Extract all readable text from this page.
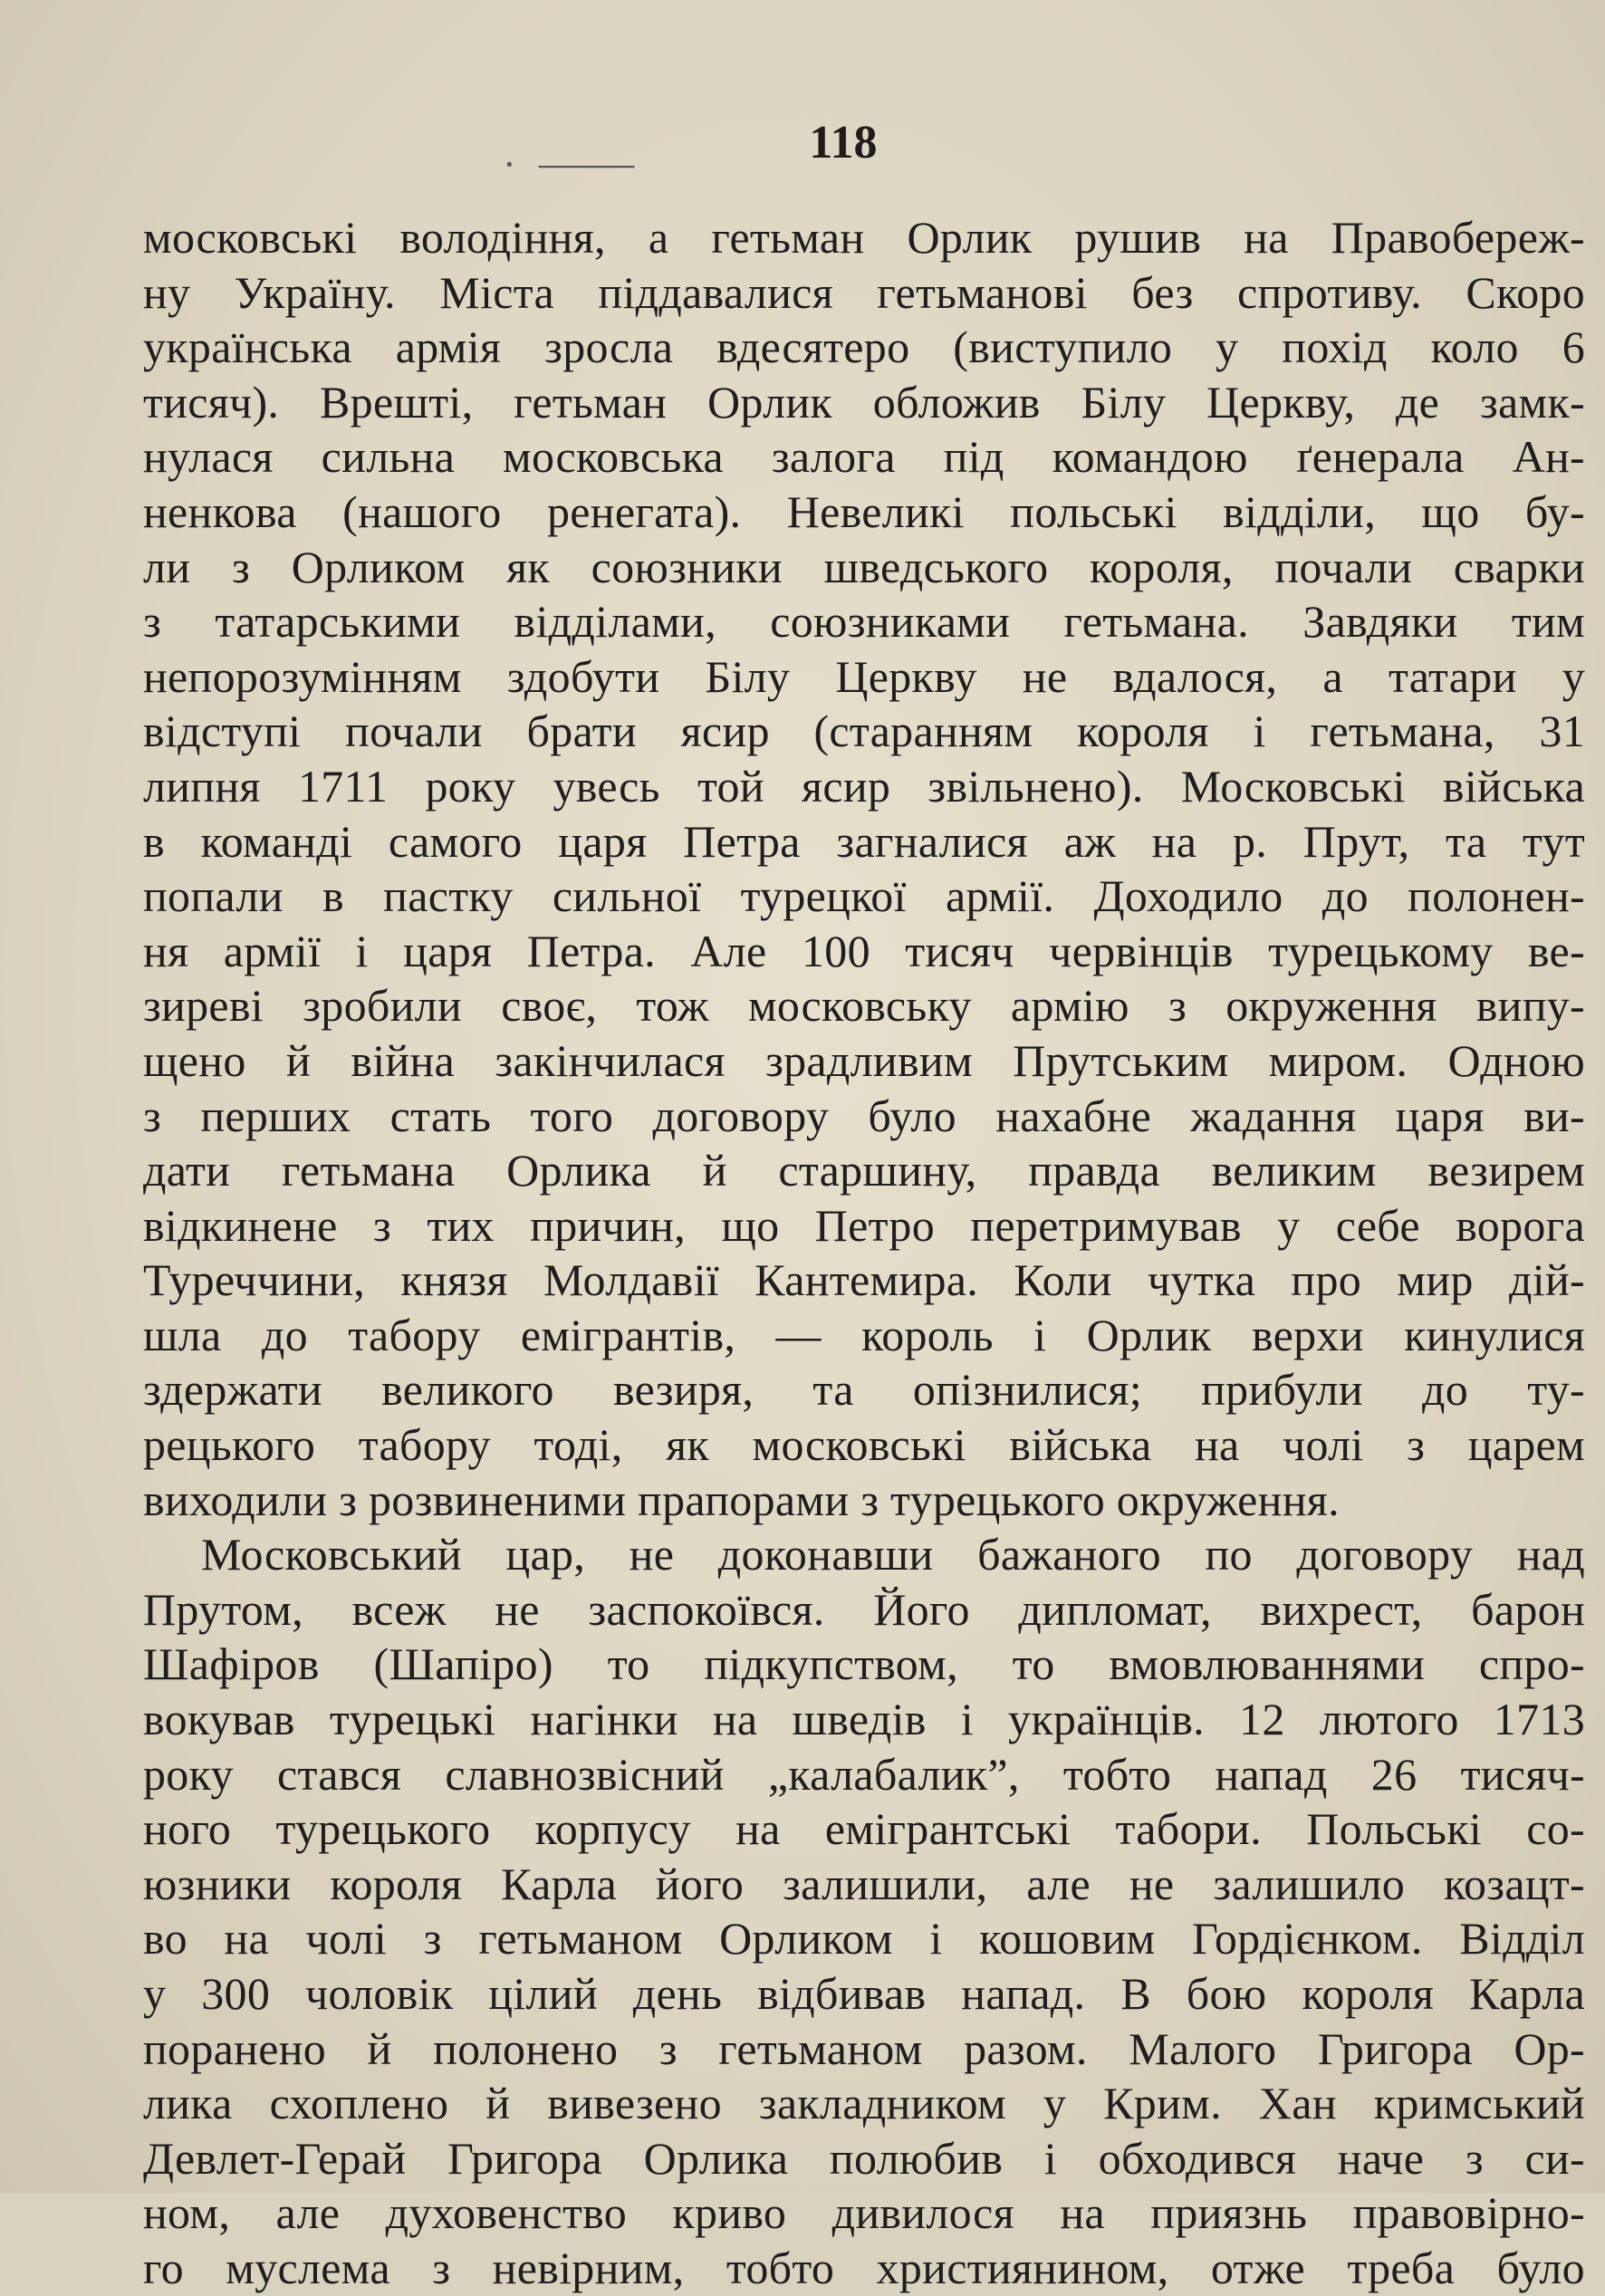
· ⸻	118
московські володіння, а гетьман Орлик рушив на Правобереж-
ну Україну. Міста піддавалися гетьманові без спротиву. Скоро
українська армія зросла вдесятеро (виступило у похід коло 6
тисяч). Врешті, гетьман Орлик обложив Білу Церкву, де замк-
нулася сильна московська залога під командою ґенерала Ан-
ненкова (нашого ренегата). Невеликі польські відділи, що бу-
ли з Орликом як союзники шведського короля, почали сварки
з татарськими відділами, союзниками гетьмана. Завдяки тим
непорозумінням здобути Білу Церкву не вдалося, а татари у
відступі почали брати ясир (старанням короля і гетьмана, 31
липня 1711 року увесь той ясир звільнено). Московські війська
в команді самого царя Петра загналися аж на р. Прут, та тут
попали в пастку сильної турецкої армії. Доходило до полонен-
ня армії і царя Петра. Але 100 тисяч червінців турецькому ве-
зиреві зробили своє, тож московську армію з окруження випу-
щено й війна закінчилася зрадливим Прутським миром. Одною
з перших стать того договору було нахабне жадання царя ви-
дати гетьмана Орлика й старшину, правда великим везирем
відкинене з тих причин, що Петро перетримував у себе ворога
Туреччини, князя Молдавії Кантемира. Коли чутка про мир дій-
шла до табору емігрантів, — король і Орлик верхи кинулися
здержати великого везиря, та опізнилися; прибули до ту-
рецького табору тоді, як московські війська на чолі з царем
виходили з розвиненими прапорами з турецького окруження.
Московський цар, не доконавши бажаного по договору над
Прутом, всеж не заспокоївся. Його дипломат, вихрест, барон
Шафіров (Шапіро) то підкупством, то вмовлюваннями спро-
вокував турецькі нагінки на шведів і українців. 12 лютого 1713
року стався славнозвісний „калабалик”, тобто напад 26 тисяч-
ного турецького корпусу на емігрантські табори. Польські со-
юзники короля Карла його залишили, але не залишило козацт-
во на чолі з гетьманом Орликом і кошовим Гордієнком. Відділ
у 300 чоловік цілий день відбивав напад. В бою короля Карла
поранено й полонено з гетьманом разом. Малого Григора Ор-
лика схоплено й вивезено закладником у Крим. Хан кримський
Девлет-Герай Григора Орлика полюбив і обходився наче з си-
ном, але духовенство криво дивилося на приязнь правовірно-
го муслема з невірним, тобто християнином, отже треба було
